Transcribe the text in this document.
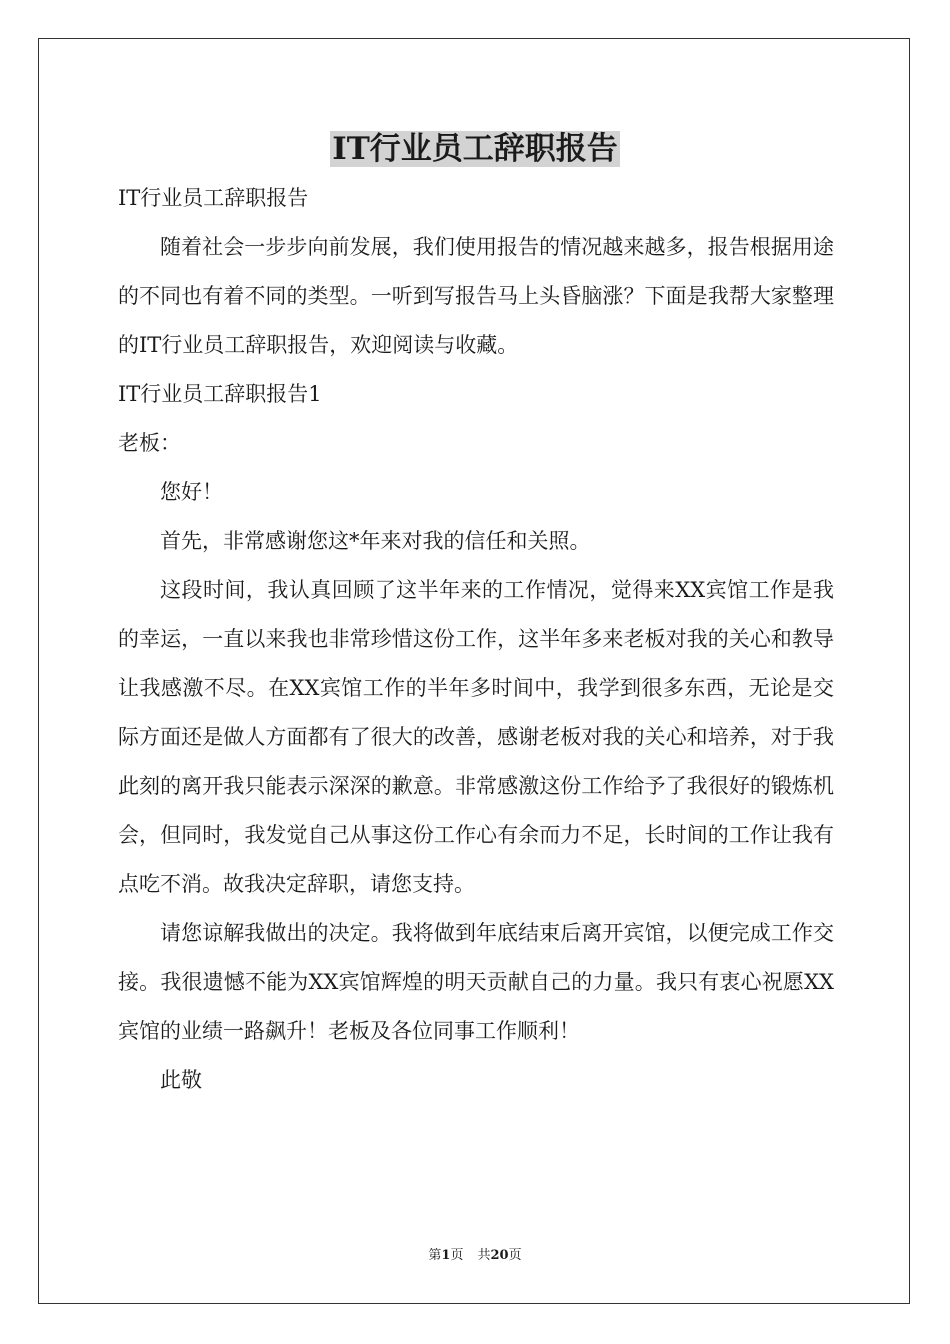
IT行业员工辞职报告

IT行业员工辞职报告

随着社会一步步向前发展，我们使用报告的情况越来越多，报告根据用途的不同也有着不同的类型。一听到写报告马上头昏脑涨？下面是我帮大家整理的IT行业员工辞职报告，欢迎阅读与收藏。

IT行业员工辞职报告1

老板：

您好！

首先，非常感谢您这*年来对我的信任和关照。

这段时间，我认真回顾了这半年来的工作情况，觉得来XX宾馆工作是我的幸运，一直以来我也非常珍惜这份工作，这半年多来老板对我的关心和教导让我感激不尽。在XX宾馆工作的半年多时间中，我学到很多东西，无论是交际方面还是做人方面都有了很大的改善，感谢老板对我的关心和培养，对于我此刻的离开我只能表示深深的歉意。非常感激这份工作给予了我很好的锻炼机会，但同时，我发觉自己从事这份工作心有余而力不足，长时间的工作让我有点吃不消。故我决定辞职，请您支持。

请您谅解我做出的决定。我将做到年底结束后离开宾馆，以便完成工作交接。我很遗憾不能为XX宾馆辉煌的明天贡献自己的力量。我只有衷心祝愿XX宾馆的业绩一路飙升！老板及各位同事工作顺利！

此敬

第1页 共20页
